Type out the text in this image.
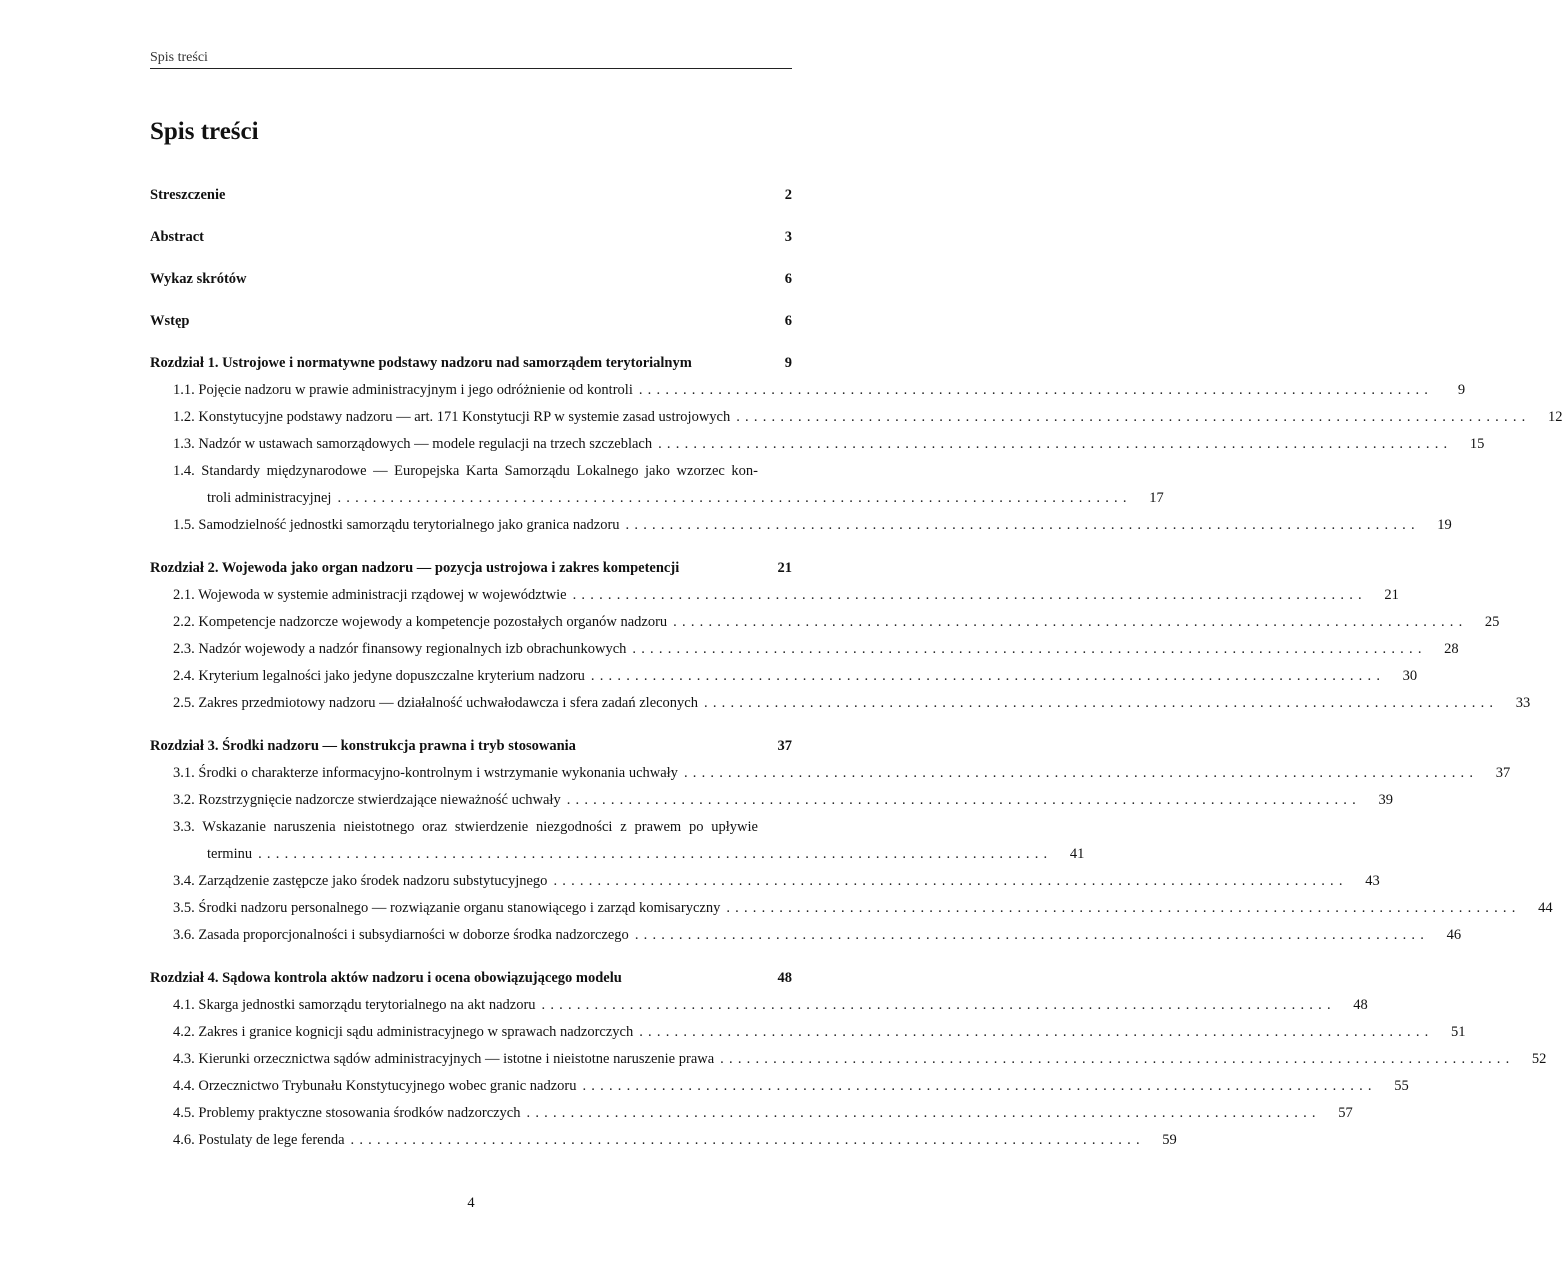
Spis treści
Spis treści
Streszczenie	2
Abstract	3
Wykaz skrótów	6
Wstęp	6
Rozdział 1. Ustrojowe i normatywne podstawy nadzoru nad samorządem terytorialnym	9
1.1. Pojęcie nadzoru w prawie administracyjnym i jego odróżnienie od kontroli ..........................................................................................	9
1.2. Konstytucyjne podstawy nadzoru — art. 171 Konstytucji RP w systemie zasad ustrojowych ..........................................................................................	12
1.3. Nadzór w ustawach samorządowych — modele regulacji na trzech szczeblach ..........................................................................................	15
1.4. Standardy międzynarodowe — Europejska Karta Samorządu Lokalnego jako wzorzec kon-
troli administracyjnej ..........................................................................................	17
1.5. Samodzielność jednostki samorządu terytorialnego jako granica nadzoru ..........................................................................................	19
Rozdział 2. Wojewoda jako organ nadzoru — pozycja ustrojowa i zakres kompetencji	21
2.1. Wojewoda w systemie administracji rządowej w województwie ..........................................................................................	21
2.2. Kompetencje nadzorcze wojewody a kompetencje pozostałych organów nadzoru ..........................................................................................	25
2.3. Nadzór wojewody a nadzór finansowy regionalnych izb obrachunkowych ..........................................................................................	28
2.4. Kryterium legalności jako jedyne dopuszczalne kryterium nadzoru ..........................................................................................	30
2.5. Zakres przedmiotowy nadzoru — działalność uchwałodawcza i sfera zadań zleconych ..........................................................................................	33
Rozdział 3. Środki nadzoru — konstrukcja prawna i tryb stosowania	37
3.1. Środki o charakterze informacyjno-kontrolnym i wstrzymanie wykonania uchwały ..........................................................................................	37
3.2. Rozstrzygnięcie nadzorcze stwierdzające nieważność uchwały ..........................................................................................	39
3.3. Wskazanie naruszenia nieistotnego oraz stwierdzenie niezgodności z prawem po upływie
terminu ..........................................................................................	41
3.4. Zarządzenie zastępcze jako środek nadzoru substytucyjnego ..........................................................................................	43
3.5. Środki nadzoru personalnego — rozwiązanie organu stanowiącego i zarząd komisaryczny ..........................................................................................	44
3.6. Zasada proporcjonalności i subsydiarności w doborze środka nadzorczego ..........................................................................................	46
Rozdział 4. Sądowa kontrola aktów nadzoru i ocena obowiązującego modelu	48
4.1. Skarga jednostki samorządu terytorialnego na akt nadzoru ..........................................................................................	48
4.2. Zakres i granice kognicji sądu administracyjnego w sprawach nadzorczych ..........................................................................................	51
4.3. Kierunki orzecznictwa sądów administracyjnych — istotne i nieistotne naruszenie prawa ..........................................................................................	52
4.4. Orzecznictwo Trybunału Konstytucyjnego wobec granic nadzoru ..........................................................................................	55
4.5. Problemy praktyczne stosowania środków nadzorczych ..........................................................................................	57
4.6. Postulaty de lege ferenda ..........................................................................................	59
4
